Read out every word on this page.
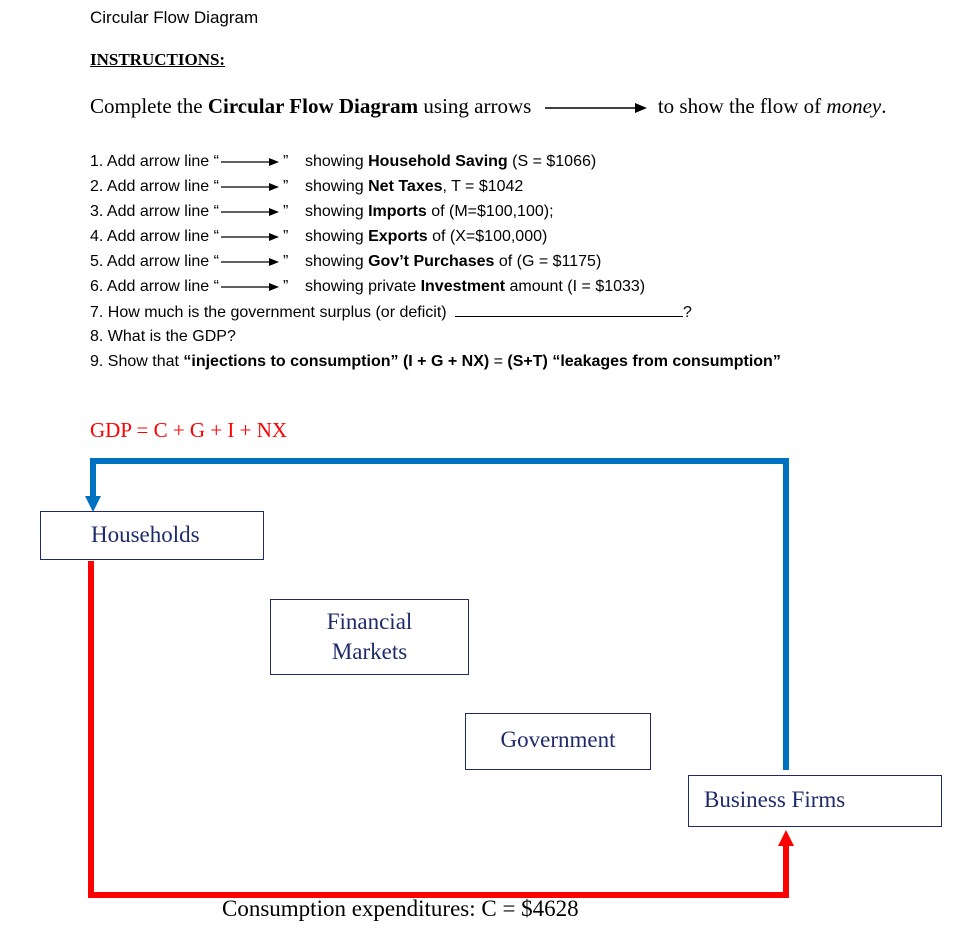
Circular Flow Diagram
INSTRUCTIONS:
Complete the Circular Flow Diagram using arrows	to show the flow of money.
1. Add arrow line “	” showing Household Saving (S = $1066)
2. Add arrow line “	” showing Net Taxes, T = $1042
3. Add arrow line “	” showing Imports of (M=$100,100);
4. Add arrow line “	” showing Exports of (X=$100,000)
5. Add arrow line “	” showing Gov’t Purchases of (G = $1175)
6. Add arrow line “	” showing private Investment amount (I = $1033)
7. How much is the government surplus (or deficit)	?
8. What is the GDP?
9. Show that “injections to consumption” (I + G + NX) = (S+T) “leakages from consumption”
GDP = C + G + I + NX
Households
Financial
Markets
Government
Business Firms
Consumption expenditures: C = $4628
